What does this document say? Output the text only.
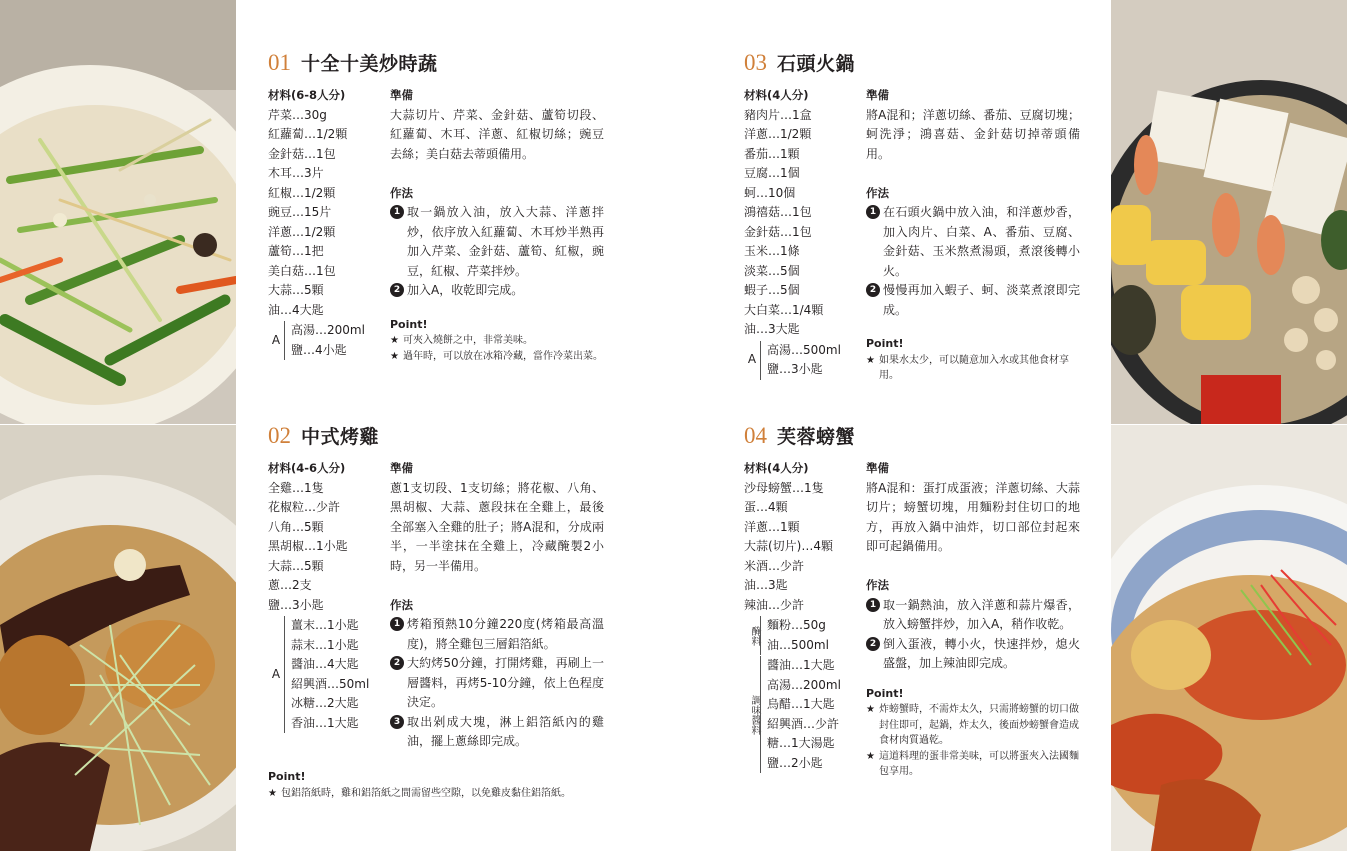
01 十全十美炒時蔬
材料(6-8人分)
芹菜…30g
紅蘿蔔…1/2顆
金針菇…1包
木耳…3片
紅椒…1/2顆
豌豆…15片
洋蔥…1/2顆
蘆筍…1把
美白菇…1包
大蒜…5顆
油…4大匙
A
高湯…200ml
鹽…4小匙
準備
大蒜切片、芹菜、金針菇、蘆筍切段、紅蘿蔔、木耳、洋蔥、紅椒切絲；豌豆去絲；美白菇去蒂頭備用。
作法
1 取一鍋放入油，放入大蒜、洋蔥拌炒，依序放入紅蘿蔔、木耳炒半熟再加入芹菜、金針菇、蘆筍、紅椒，豌豆，紅椒、芹菜拌炒。
2 加入A，收乾即完成。
Point!
★ 可夾入燒餅之中，非常美味。
★ 過年時，可以放在冰箱冷藏，當作冷菜出菜。
02 中式烤雞
材料(4-6人分)
全雞…1隻
花椒粒…少許
八角…5顆
黑胡椒…1小匙
大蒜…5顆
蔥…2支
鹽…3小匙
A
薑末…1小匙
蒜末…1小匙
醬油…4大匙
紹興酒…50ml
冰糖…2大匙
香油…1大匙
準備
蔥1支切段、1支切絲；將花椒、八角、黑胡椒、大蒜、蔥段抹在全雞上，最後全部塞入全雞的肚子；將A混和，分成兩半，一半塗抹在全雞上，冷藏醃製2小時，另一半備用。
作法
1 烤箱預熱10分鐘220度(烤箱最高溫度)，將全雞包三層鋁箔紙。
2 大約烤50分鐘，打開烤雞，再刷上一層醬料，再烤5-10分鐘，依上色程度決定。
3 取出剁成大塊，淋上鋁箔紙內的雞油，擺上蔥絲即完成。
Point!
★ 包鋁箔紙時，雞和鋁箔紙之間需留些空隙，以免雞皮黏住鋁箔紙。
03 石頭火鍋
材料(4人分)
豬肉片…1盒
洋蔥…1/2顆
番茄…1顆
豆腐…1個
蚵…10個
鴻禧菇…1包
金針菇…1包
玉米…1條
淡菜…5個
蝦子…5個
大白菜…1/4顆
油…3大匙
A
高湯…500ml
鹽…3小匙
準備
將A混和；洋蔥切絲、番茄、豆腐切塊；蚵洗淨；鴻喜菇、金針菇切掉蒂頭備用。
作法
1 在石頭火鍋中放入油，和洋蔥炒香，加入肉片、白菜、A、番茄、豆腐、金針菇、玉米熬煮湯頭，煮滾後轉小火。
2 慢慢再加入蝦子、蚵、淡菜煮滾即完成。
Point!
★ 如果水太少，可以隨意加入水或其他食材享用。
04 芙蓉螃蟹
材料(4人分)
沙母螃蟹…1隻
蛋…4顆
洋蔥…1顆
大蒜(切片)…4顆
米酒…少許
油…3匙
辣油…少許
醃料
麵粉…50g
油…500ml
調味醬料
醬油…1大匙
高湯…200ml
烏醋…1大匙
紹興酒…少許
糖…1大湯匙
鹽…2小匙
準備
將A混和：蛋打成蛋液；洋蔥切絲、大蒜切片；螃蟹切塊，用麵粉封住切口的地方，再放入鍋中油炸，切口部位封起來即可起鍋備用。
作法
1 取一鍋熱油，放入洋蔥和蒜片爆香，放入螃蟹拌炒，加入A，稍作收乾。
2 倒入蛋液，轉小火，快速拌炒，熄火盛盤，加上辣油即完成。
Point!
★ 炸螃蟹時，不需炸太久，只需將螃蟹的切口做封住即可，起鍋，炸太久，後面炒螃蟹會造成食材肉質過乾。
★ 這道料理的蛋非常美味，可以將蛋夾入法國麵包享用。
